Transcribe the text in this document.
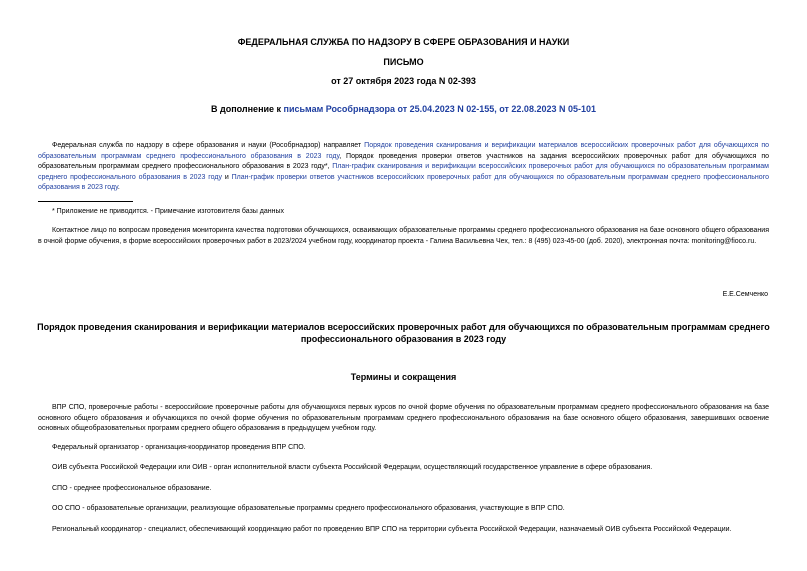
ФЕДЕРАЛЬНАЯ СЛУЖБА ПО НАДЗОРУ В СФЕРЕ ОБРАЗОВАНИЯ И НАУКИ
ПИСЬМО
от 27 октября 2023 года N 02-393
В дополнение к письмам Рособрнадзора от 25.04.2023 N 02-155, от 22.08.2023 N 05-101
Федеральная служба по надзору в сфере образования и науки (Рособрнадзор) направляет Порядок проведения сканирования и верификации материалов всероссийских проверочных работ для обучающихся по образовательным программам среднего профессионального образования в 2023 году, Порядок проведения проверки ответов участников на задания всероссийских проверочных работ для обучающихся по образовательным программам среднего профессионального образования в 2023 году*, План-график сканирования и верификации всероссийских проверочных работ для обучающихся по образовательным программам среднего профессионального образования в 2023 году и План-график проверки ответов участников всероссийских проверочных работ для обучающихся по образовательным программам среднего профессионального образования в 2023 году.
* Приложение не приводится. - Примечание изготовителя базы данных
Контактное лицо по вопросам проведения мониторинга качества подготовки обучающихся, осваивающих образовательные программы среднего профессионального образования на базе основного общего образования в очной форме обучения, в форме всероссийских проверочных работ в 2023/2024 учебном году, координатор проекта - Галина Васильевна Чех, тел.: 8 (495) 023-45-00 (доб. 2020), электронная почта: monitoring@fioco.ru.
Е.Е.Семченко
Порядок проведения сканирования и верификации материалов всероссийских проверочных работ для обучающихся по образовательным программам среднего профессионального образования в 2023 году
Термины и сокращения
ВПР СПО, проверочные работы - всероссийские проверочные работы для обучающихся первых курсов по очной форме обучения по образовательным программам среднего профессионального образования на базе основного общего образования и обучающихся по очной форме обучения по образовательным программам среднего профессионального образования на базе основного общего образования, завершивших освоение основных общеобразовательных программ среднего общего образования в предыдущем учебном году.
Федеральный организатор - организация-координатор проведения ВПР СПО.
ОИВ субъекта Российской Федерации или ОИВ - орган исполнительной власти субъекта Российской Федерации, осуществляющий государственное управление в сфере образования.
СПО - среднее профессиональное образование.
ОО СПО - образовательные организации, реализующие образовательные программы среднего профессионального образования, участвующие в ВПР СПО.
Региональный координатор - специалист, обеспечивающий координацию работ по проведению ВПР СПО на территории субъекта Российской Федерации, назначаемый ОИВ субъекта Российской Федерации.
